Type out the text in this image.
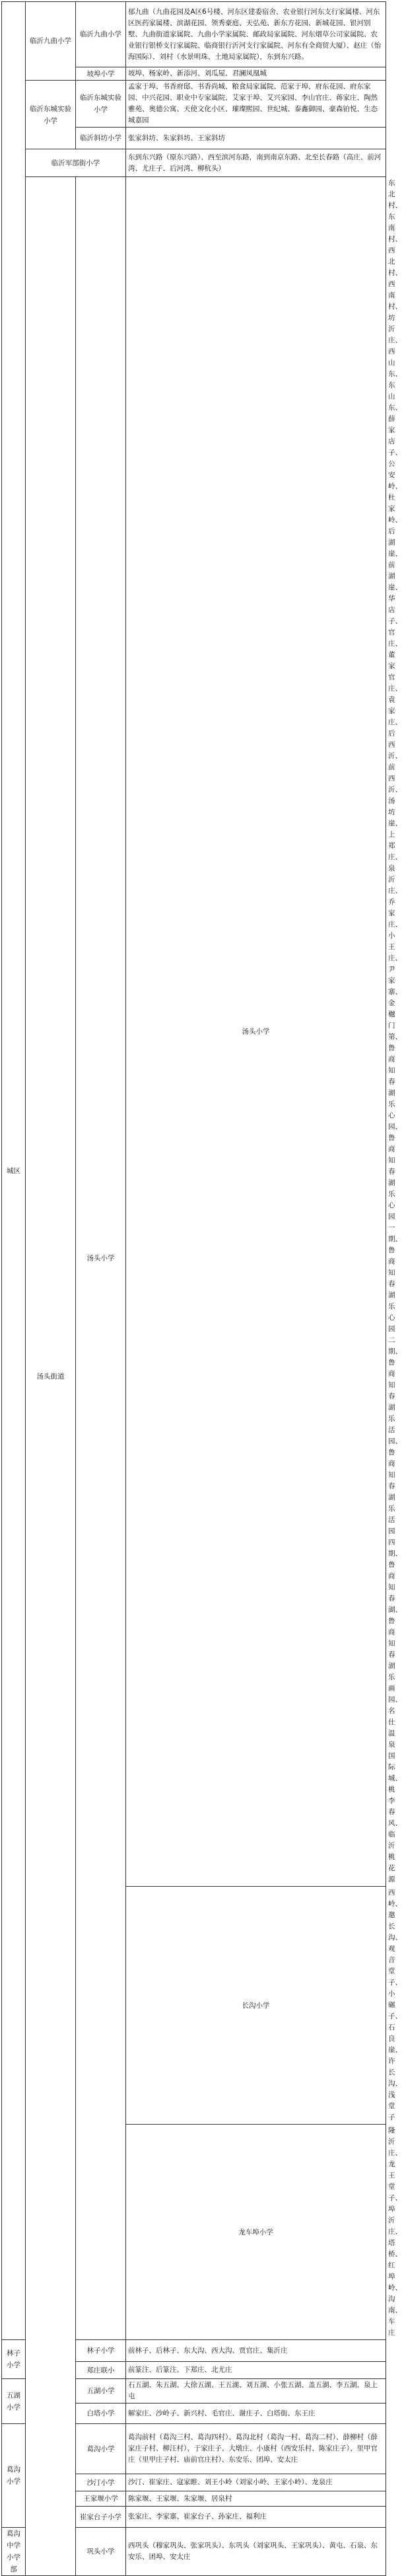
城区	临沂九曲小学	临沂九曲小学	郁九曲（九曲花园及A区6号楼、河东区建委宿舍、农业银行河东支行家属楼、河东区医药家属楼、滨湖花园、领秀豪庭、天弘苑、新东方花园、新城花园、银河别墅、九曲街道家属院、九曲小学家属院、邮政局家属院、河东烟草公司家属院、农业银行银桥支行家属院、临商银行沂河支行家属院、河东有全商贸大厦）、赵庄（怡海国际）、刘村（水景明珠、土地局家属院），东到东兴路。	
		坡埠小学	坡埠、杨家岭、新添河、刘瓜屋、君澜凤凰城	
	临沂东城实验小学	临沂东城实验小学	孟家于埠、书香府邸、书香尚城、粮食局家属院、范家于埠、府东花园、府东家园、中兴花园、职业中专家属院、艾家于埠、艾兴家园、李山官庄、蒋家庄、陶然雅苑、奥德公寓、天使文化小区、璀璨熙园、世纪城、泰鑫御园、豪森铂悦、生态城嘉园	
		临沂斜坊小学	张家斜坊、朱家斜坊、王家斜坊	
	临沂军部街小学		东到东兴路（原东兴路）、西至滨河东路，南到南京东路、北至长春路（高庄、前河湾、尤庄子、后河湾、柳杭头）	
	汤头街道	汤头小学	汤头小学	东北村、东南村、西北村、西南村、坊沂庄、西山东、东山东、薛家店子、公安岭、杜家岭、后湖崖、前湖崖、华店子、官庄、董家官庄、袁家庄、后西沂、前西沂、汤坊崖、上郑庄、泉沂庄、乔家庄、小王庄、尹家寨、金樾门第、鲁商知春湖乐心园、鲁商知春湖乐心园一期、鲁商知春湖乐心园二期、鲁商知春湖乐活园、鲁商知春湖乐活园四期、鲁商知春湖、鲁商知春湖乐画园、名仕温泉国际城、桃李春风、临沂桃花源
			长沟小学	西岭、邀长沟、观音堂子、小碾子、石良崖、许长沟、浅堂子
			龙车埠小学	隆沂庄、龙王堂子、埠沂庄、塔桥、红埠岭、沟南、车庄
林子小学		林子小学	前林子、后林子、东大沟、西大沟、贾官庄、集沂庄	
		郑庄联小	前篆注、后篆注、下郑庄、北尤庄	
五湖小学		五湖小学	石五湖、朱五湖、大徐五湖、王五湖、刘五湖、小张五湖、盖五湖、李五湖、泉上屯	
		白塔小学	解家庄、沙岭子、新兴村、毛官庄、谢庄子、白塔街、东王庄	
葛沟小学		葛沟小学	葛沟前村（葛沟三村、葛沟四村）、葛沟北村（葛沟一村、葛沟二村）、薛柳村（薛家庄子村、柳汪村）、于家庄子、大墩庄、小康村（西安乐村、陈家庄子）、里甲官庄（里甲庄子村、庙前官庄村）、东安乐、团埠、安太庄	
		沙汀小学	沙汀、崔家庄、寇家睢、刘王小岭（刘家小岭、王家小岭）、龙泉庄	
		王家堰小学	陈家堰、王家堰、朱家堰、居泉村	
		崔家台子小学	张家庄、李家寨、崔家台子、孙家庄、福利庄	
葛沟中学小学部		巩头小学	西巩头（穆家巩头、张家巩头）、东巩头（刘家巩头、王家巩头）、黄屯、石泉、东安乐、团埠、安太庄	
